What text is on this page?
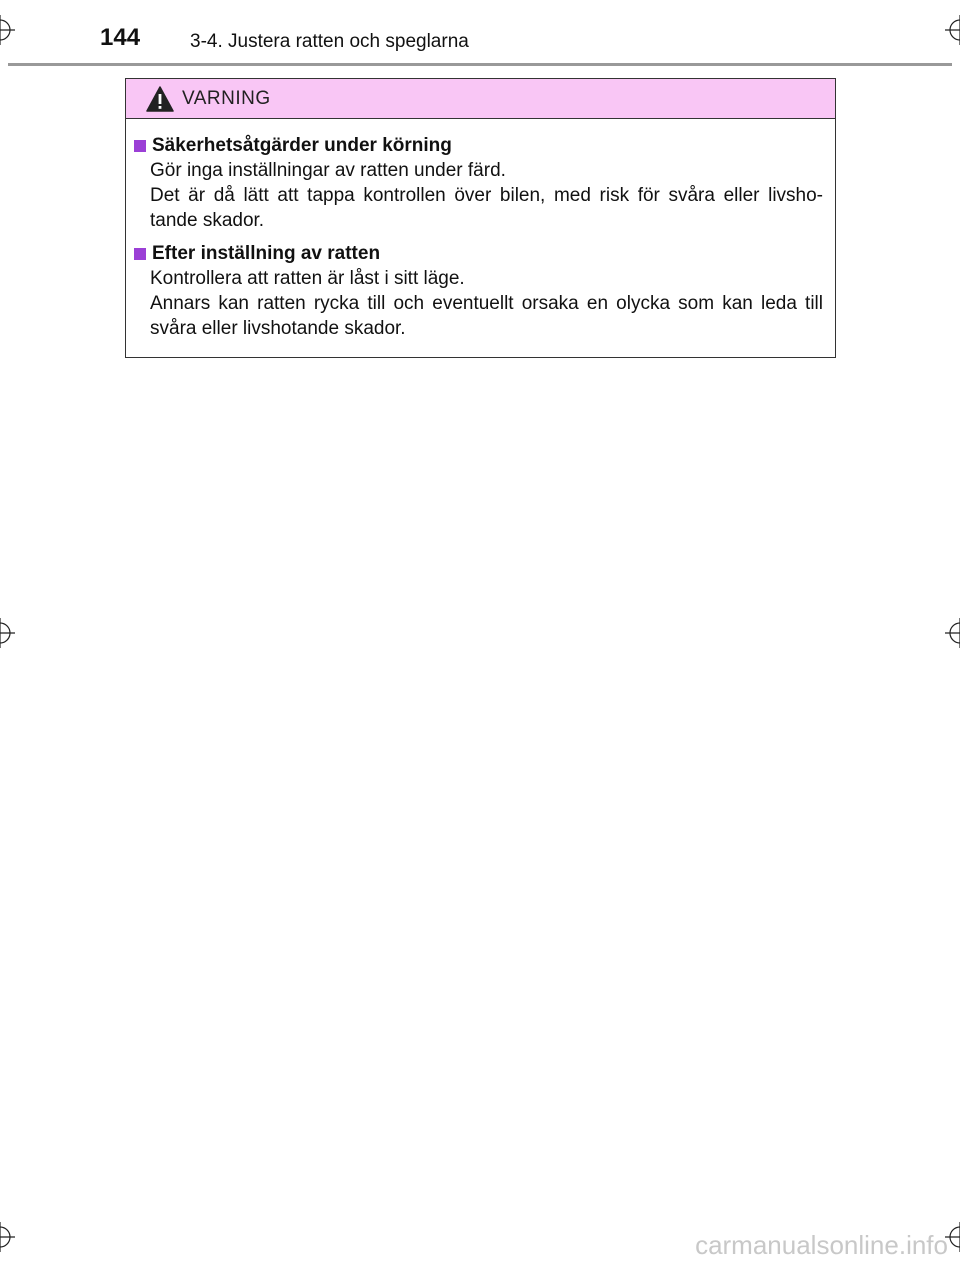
144	3-4. Justera ratten och speglarna
VARNING
Säkerhetsåtgärder under körning
Gör inga inställningar av ratten under färd.
Det är då lätt att tappa kontrollen över bilen, med risk för svåra eller livsho-tande skador.
Efter inställning av ratten
Kontrollera att ratten är låst i sitt läge.
Annars kan ratten rycka till och eventuellt orsaka en olycka som kan leda till svåra eller livshotande skador.
carmanualsonline.info
